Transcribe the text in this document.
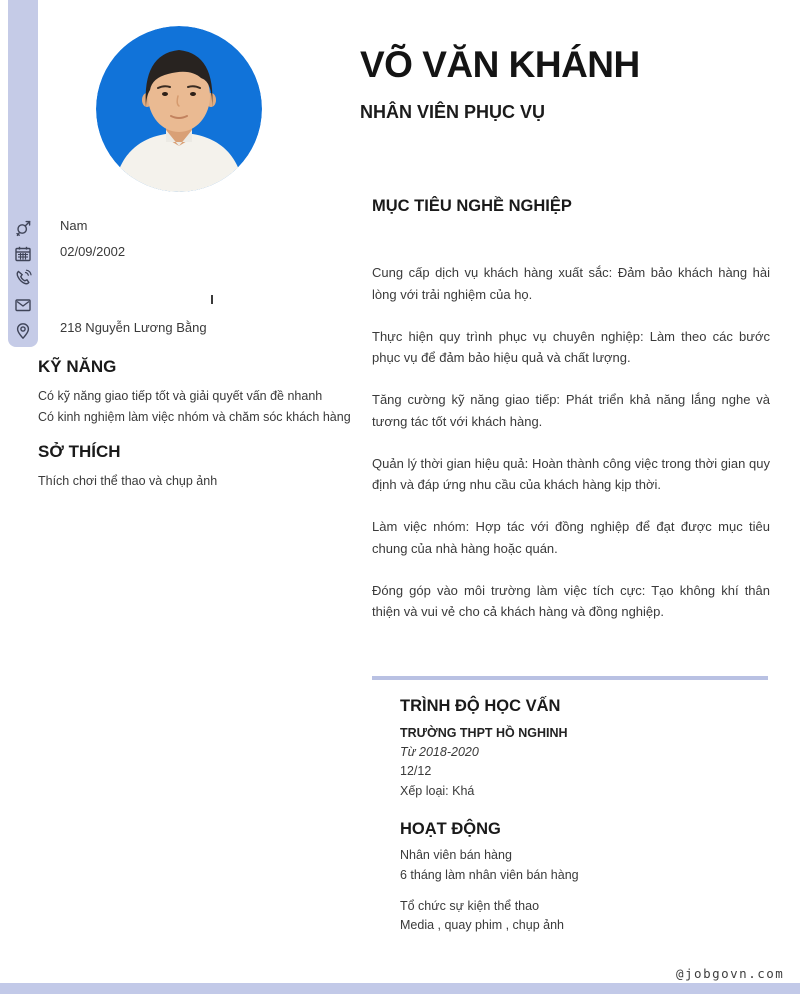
VÕ VĂN KHÁNH
NHÂN VIÊN PHỤC VỤ
Nam
02/09/2002
218 Nguyễn Lương Bằng
KỸ NĂNG
Có kỹ năng giao tiếp tốt và giải quyết vấn đề nhanh
Có kinh nghiệm làm việc nhóm và chăm sóc khách hàng
SỞ THÍCH
Thích chơi thể thao và chụp ảnh
MỤC TIÊU NGHỀ NGHIỆP

Cung cấp dịch vụ khách hàng xuất sắc: Đảm bảo khách hàng hài lòng với trải nghiệm của họ.

Thực hiện quy trình phục vụ chuyên nghiệp: Làm theo các bước phục vụ để đảm bảo hiệu quả và chất lượng.

Tăng cường kỹ năng giao tiếp: Phát triển khả năng lắng nghe và tương tác tốt với khách hàng.

Quản lý thời gian hiệu quả: Hoàn thành công việc trong thời gian quy định và đáp ứng nhu cầu của khách hàng kịp thời.

Làm việc nhóm: Hợp tác với đồng nghiệp để đạt được mục tiêu chung của nhà hàng hoặc quán.

Đóng góp vào môi trường làm việc tích cực: Tạo không khí thân thiện và vui vẻ cho cả khách hàng và đồng nghiệp.

TRÌNH ĐỘ HỌC VẤN
TRƯỜNG THPT HỒ NGHINH
Từ 2018-2020
12/12
Xếp loại: Khá
HOẠT ĐỘNG
Nhân viên bán hàng
6 tháng làm nhân viên bán hàng
Tổ chức sự kiện thể thao
Media , quay phim , chụp ảnh
@jobgovn.com
